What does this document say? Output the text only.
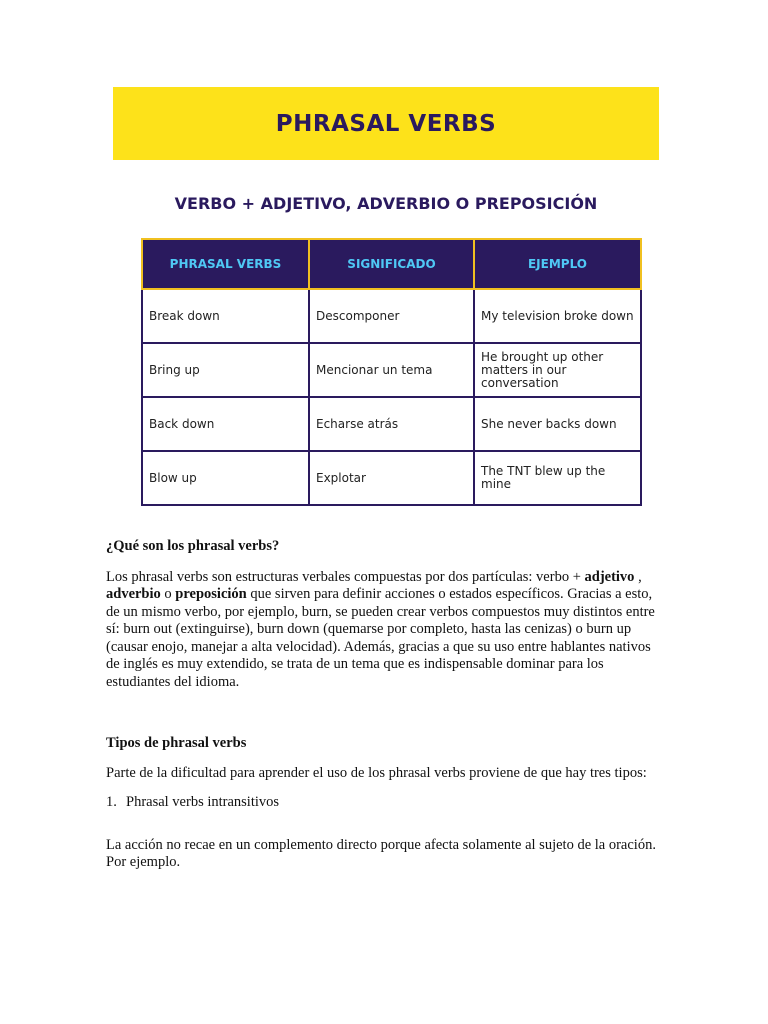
PHRASAL VERBS
VERBO + ADJETIVO, ADVERBIO O PREPOSICIÓN
PHRASAL VERBS	SIGNIFICADO	EJEMPLO
Break down	Descomponer	My television broke down
Bring up	Mencionar un tema	He brought up other matters in our conversation
Back down	Echarse atrás	She never backs down
Blow up	Explotar	The TNT blew up the mine

¿Qué son los phrasal verbs?

Los phrasal verbs son estructuras verbales compuestas por dos partículas: verbo + adjetivo , adverbio o preposición que sirven para definir acciones o estados específicos. Gracias a esto, de un mismo verbo, por ejemplo, burn, se pueden crear verbos compuestos muy distintos entre sí: burn out (extinguirse), burn down (quemarse por completo, hasta las cenizas) o burn up (causar enojo, manejar a alta velocidad). Además, gracias a que su uso entre hablantes nativos de inglés es muy extendido, se trata de un tema que es indispensable dominar para los estudiantes del idioma.

Tipos de phrasal verbs

Parte de la dificultad para aprender el uso de los phrasal verbs proviene de que hay tres tipos:

1. Phrasal verbs intransitivos

La acción no recae en un complemento directo porque afecta solamente al sujeto de la oración. Por ejemplo.
